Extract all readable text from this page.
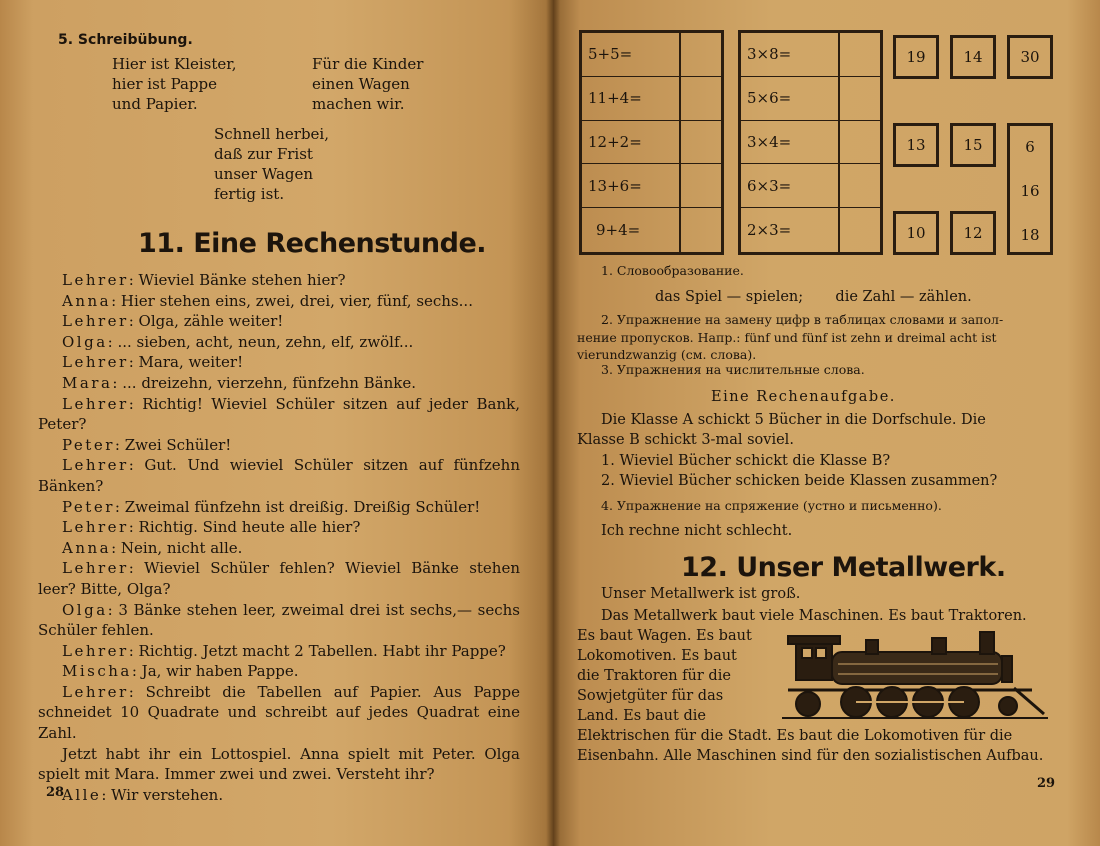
5. Schreibübung.
Hier ist Kleister,
hier ist Pappe
und Papier.
Für die Kinder
einen Wagen
machen wir.
Schnell herbei,
daß zur Frist
unser Wagen
fertig ist.
11. Eine Rechenstunde.

Lehrer: Wieviel Bänke stehen hier?

Anna: Hier stehen eins, zwei, drei, vier, fünf, sechs...

Lehrer: Olga, zähle weiter!

Olga: ... sieben, acht, neun, zehn, elf, zwölf...

Lehrer: Mara, weiter!

Mara: ... dreizehn, vierzehn, fünfzehn Bänke.

Lehrer: Richtig! Wieviel Schüler sitzen auf jeder Bank, Peter?

Peter: Zwei Schüler!

Lehrer: Gut. Und wieviel Schüler sitzen auf fünfzehn Bänken?

Peter: Zweimal fünfzehn ist dreißig. Dreißig Schüler!

Lehrer: Richtig. Sind heute alle hier?

Anna: Nein, nicht alle.

Lehrer: Wieviel Schüler fehlen? Wieviel Bänke stehen leer? Bitte, Olga?

Olga: 3 Bänke stehen leer, zweimal drei ist sechs,— sechs Schüler fehlen.

Lehrer: Richtig. Jetzt macht 2 Tabellen. Habt ihr Pappe?

Mischa: Ja, wir haben Pappe.

Lehrer: Schreibt die Tabellen auf Papier. Aus Pappe schneidet 10 Quadrate und schreibt auf jedes Quadrat eine Zahl.

Jetzt habt ihr ein Lottospiel. Anna spielt mit Peter. Olga spielt mit Mara. Immer zwei und zwei. Versteht ihr?

Alle: Wir verstehen.

28
5+5=
11+4=
12+2=
13+6=
9+4=
3×8=
5×6=
3×4=
6×3=
2×3=
19	14	30
13	15
10	12
6
16
18
1. Словообразование.
das Spiel — spielen;       die Zahl — zählen.
2. Упражнение на замену цифр в таблицах словами и запол-
нение пропусков. Напр.: fünf und fünf ist zehn и dreimal acht ist
vierundzwanzig (см. слова).
3. Упражнения на числительные слова.
Eine Rechenaufgabe.
Die Klasse A schickt 5 Bücher in die Dorfschule. Die
Klasse B schickt 3-mal soviel.
1. Wieviel Bücher schickt die Klasse B?
2. Wieviel Bücher schicken beide Klassen zusammen?
4. Упражнение на спряжение (устно и письменно).
Ich rechne nicht schlecht.
12. Unser Metallwerk.
Unser Metallwerk ist groß.
Das Metallwerk baut viele Maschinen. Es baut Traktoren.
Es baut Wagen. Es baut
Lokomotiven. Es baut
die Traktoren für die
Sowjetgüter für das
Land. Es baut die
Elektrischen für die Stadt. Es baut die Lokomotiven für die
Eisenbahn. Alle Maschinen sind für den sozialistischen Aufbau.
29
